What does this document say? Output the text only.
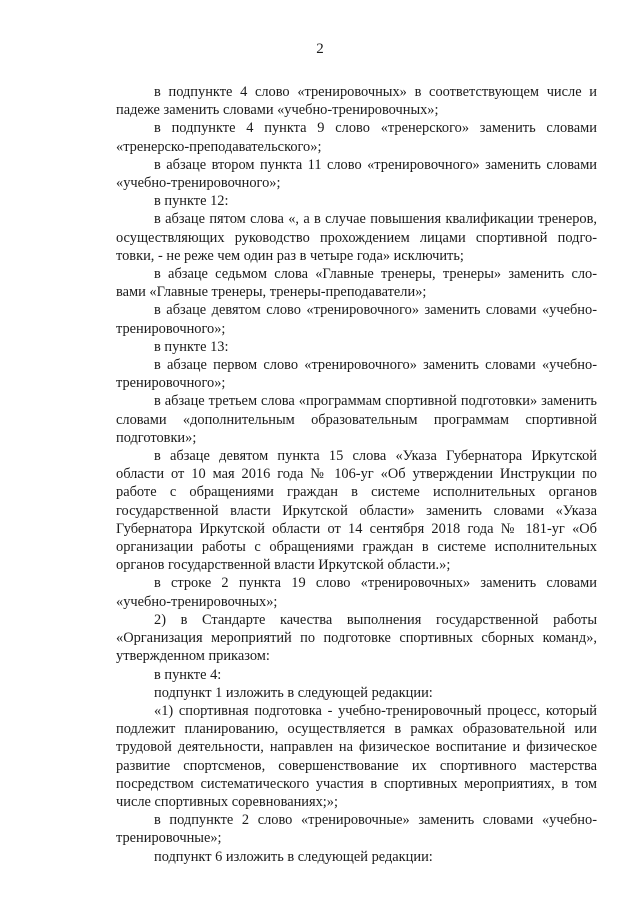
2

в подпункте 4 слово «тренировочных» в соответствующем числе и падеже заменить словами «учебно-тренировочных»;

в подпункте 4 пункта 9 слово «тренерского» заменить словами «тренерско-преподавательского»;

в абзаце втором пункта 11 слово «тренировочного» заменить словами «учебно-тренировочного»;

в пункте 12:

в абзаце пятом слова «, а в случае повышения квалификации тренеров, осуществляющих руководство прохождением лицами спортивной подго-товки, - не реже чем один раз в четыре года» исключить;

в абзаце седьмом слова «Главные тренеры, тренеры» заменить сло-вами «Главные тренеры, тренеры-преподаватели»;

в абзаце девятом слово «тренировочного» заменить словами «учебно-тренировочного»;

в пункте 13:

в абзаце первом слово «тренировочного» заменить словами «учебно-тренировочного»;

в абзаце третьем слова «программам спортивной подготовки» заменить словами «дополнительным образовательным программам спортивной подготовки»;

в абзаце девятом пункта 15 слова «Указа Губернатора Иркутской области от 10 мая 2016 года № 106-уг «Об утверждении Инструкции по работе с обращениями граждан в системе исполнительных органов государственной власти Иркутской области» заменить словами «Указа Губернатора Иркутской области от 14 сентября 2018 года № 181-уг «Об организации работы с обращениями граждан в системе исполнительных органов государственной власти Иркутской области.»;

в строке 2 пункта 19 слово «тренировочных» заменить словами «учебно-тренировочных»;

2) в Стандарте качества выполнения государственной работы «Организация мероприятий по подготовке спортивных сборных команд», утвержденном приказом:

в пункте 4:

подпункт 1 изложить в следующей редакции:

«1) спортивная подготовка - учебно-тренировочный процесс, который подлежит планированию, осуществляется в рамках образовательной или трудовой деятельности, направлен на физическое воспитание и физическое развитие спортсменов, совершенствование их спортивного мастерства посредством систематического участия в спортивных мероприятиях, в том числе спортивных соревнованиях;»;

в подпункте 2 слово «тренировочные» заменить словами «учебно-тренировочные»;

подпункт 6 изложить в следующей редакции:
